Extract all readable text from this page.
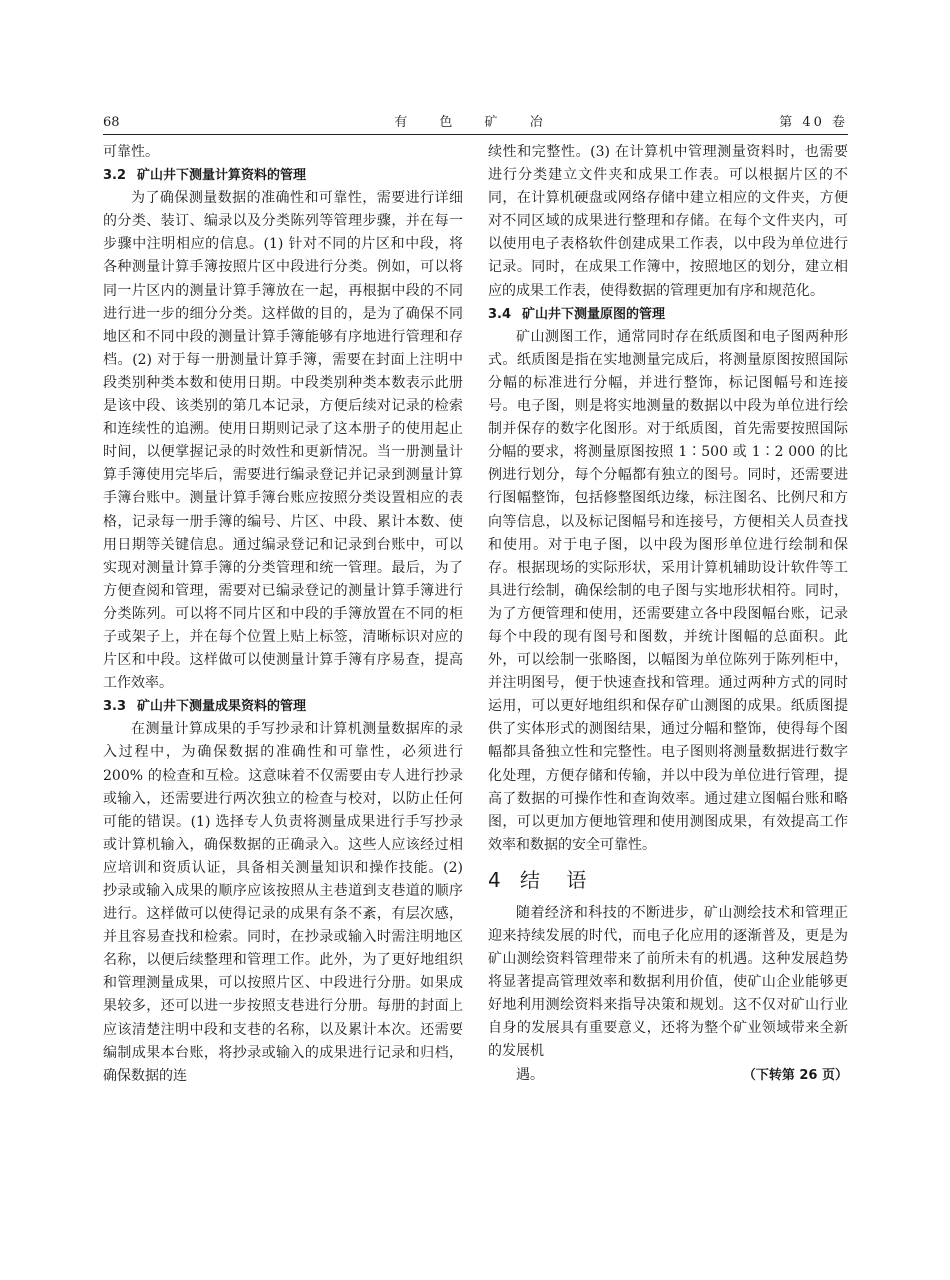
68	有 色 矿 冶	第 40 卷

可靠性。

3.2 矿山井下测量计算资料的管理

为了确保测量数据的准确性和可靠性，需要进行详细的分类、装订、编录以及分类陈列等管理步骤，并在每一步骤中注明相应的信息。(1) 针对不同的片区和中段，将各种测量计算手簿按照片区中段进行分类。例如，可以将同一片区内的测量计算手簿放在一起，再根据中段的不同进行进一步的细分分类。这样做的目的，是为了确保不同地区和不同中段的测量计算手簿能够有序地进行管理和存档。(2) 对于每一册测量计算手簿，需要在封面上注明中段类别种类本数和使用日期。中段类别种类本数表示此册是该中段、该类别的第几本记录，方便后续对记录的检索和连续性的追溯。使用日期则记录了这本册子的使用起止时间，以便掌握记录的时效性和更新情况。当一册测量计算手簿使用完毕后，需要进行编录登记并记录到测量计算手簿台账中。测量计算手簿台账应按照分类设置相应的表格，记录每一册手簿的编号、片区、中段、累计本数、使用日期等关键信息。通过编录登记和记录到台账中，可以实现对测量计算手簿的分类管理和统一管理。最后，为了方便查阅和管理，需要对已编录登记的测量计算手簿进行分类陈列。可以将不同片区和中段的手簿放置在不同的柜子或架子上，并在每个位置上贴上标签，清晰标识对应的片区和中段。这样做可以使测量计算手簿有序易查，提高工作效率。

3.3 矿山井下测量成果资料的管理

在测量计算成果的手写抄录和计算机测量数据库的录入过程中，为确保数据的准确性和可靠性，必须进行 200% 的检查和互检。这意味着不仅需要由专人进行抄录或输入，还需要进行两次独立的检查与校对，以防止任何可能的错误。(1) 选择专人负责将测量成果进行手写抄录或计算机输入，确保数据的正确录入。这些人应该经过相应培训和资质认证，具备相关测量知识和操作技能。(2) 抄录或输入成果的顺序应该按照从主巷道到支巷道的顺序进行。这样做可以使得记录的成果有条不紊，有层次感，并且容易查找和检索。同时，在抄录或输入时需注明地区名称，以便后续整理和管理工作。此外，为了更好地组织和管理测量成果，可以按照片区、中段进行分册。如果成果较多，还可以进一步按照支巷进行分册。每册的封面上应该清楚注明中段和支巷的名称，以及累计本次。还需要编制成果本台账，将抄录或输入的成果进行记录和归档，确保数据的连

续性和完整性。(3) 在计算机中管理测量资料时，也需要进行分类建立文件夹和成果工作表。可以根据片区的不同，在计算机硬盘或网络存储中建立相应的文件夹，方便对不同区域的成果进行整理和存储。在每个文件夹内，可以使用电子表格软件创建成果工作表，以中段为单位进行记录。同时，在成果工作簿中，按照地区的划分，建立相应的成果工作表，使得数据的管理更加有序和规范化。

3.4 矿山井下测量原图的管理

矿山测图工作，通常同时存在纸质图和电子图两种形式。纸质图是指在实地测量完成后，将测量原图按照国际分幅的标准进行分幅，并进行整饰，标记图幅号和连接号。电子图，则是将实地测量的数据以中段为单位进行绘制并保存的数字化图形。对于纸质图，首先需要按照国际分幅的要求，将测量原图按照 1∶500 或 1∶2 000 的比例进行划分，每个分幅都有独立的图号。同时，还需要进行图幅整饰，包括修整图纸边缘，标注图名、比例尺和方向等信息，以及标记图幅号和连接号，方便相关人员查找和使用。对于电子图，以中段为图形单位进行绘制和保存。根据现场的实际形状，采用计算机辅助设计软件等工具进行绘制，确保绘制的电子图与实地形状相符。同时，为了方便管理和使用，还需要建立各中段图幅台账，记录每个中段的现有图号和图数，并统计图幅的总面积。此外，可以绘制一张略图，以幅图为单位陈列于陈列柜中，并注明图号，便于快速查找和管理。通过两种方式的同时运用，可以更好地组织和保存矿山测图的成果。纸质图提供了实体形式的测图结果，通过分幅和整饰，使得每个图幅都具备独立性和完整性。电子图则将测量数据进行数字化处理，方便存储和传输，并以中段为单位进行管理，提高了数据的可操作性和查询效率。通过建立图幅台账和略图，可以更加方便地管理和使用测图成果，有效提高工作效率和数据的安全可靠性。

4 结 语

随着经济和科技的不断进步，矿山测绘技术和管理正迎来持续发展的时代，而电子化应用的逐渐普及，更是为矿山测绘资料管理带来了前所未有的机遇。这种发展趋势将显著提高管理效率和数据利用价值，使矿山企业能够更好地利用测绘资料来指导决策和规划。这不仅对矿山行业自身的发展具有重要意义，还将为整个矿业领域带来全新的发展机

遇。	（下转第 26 页）
